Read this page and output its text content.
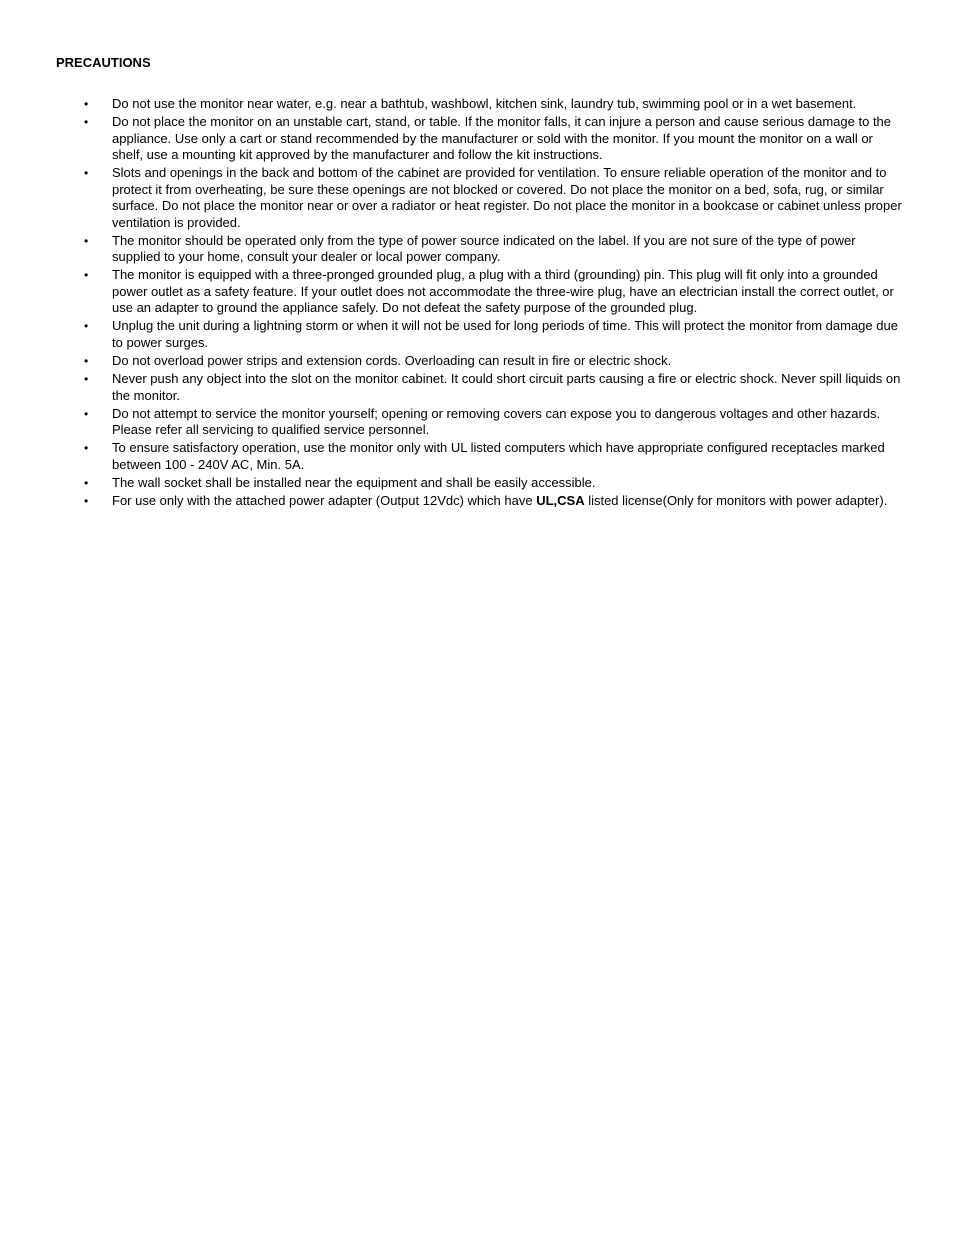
PRECAUTIONS

•	Do not use the monitor near water, e.g. near a bathtub, washbowl, kitchen sink, laundry tub, swimming pool or in a wet basement.
•	Do not place the monitor on an unstable cart, stand, or table. If the monitor falls, it can injure a person and cause serious damage to the appliance. Use only a cart or stand recommended by the manufacturer or sold with the monitor. If you mount the monitor on a wall or shelf, use a mounting kit approved by the manufacturer and follow the kit instructions.
•	Slots and openings in the back and bottom of the cabinet are provided for ventilation. To ensure reliable operation of the monitor and to protect it from overheating, be sure these openings are not blocked or covered. Do not place the monitor on a bed, sofa, rug, or similar surface. Do not place the monitor near or over a radiator or heat register. Do not place the monitor in a bookcase or cabinet unless proper ventilation is provided.
•	The monitor should be operated only from the type of power source indicated on the label. If you are not sure of the type of power supplied to your home, consult your dealer or local power company.
•	The monitor is equipped with a three-pronged grounded plug, a plug with a third (grounding) pin. This plug will fit only into a grounded power outlet as a safety feature. If your outlet does not accommodate the three-wire plug, have an electrician install the correct outlet, or use an adapter to ground the appliance safely. Do not defeat the safety purpose of the grounded plug.
•	Unplug the unit during a lightning storm or when it will not be used for long periods of time. This will protect the monitor from damage due to power surges.
•	Do not overload power strips and extension cords. Overloading can result in fire or electric shock.
•	Never push any object into the slot on the monitor cabinet. It could short circuit parts causing a fire or electric shock. Never spill liquids on the monitor.
•	Do not attempt to service the monitor yourself; opening or removing covers can expose you to dangerous voltages and other hazards. Please refer all servicing to qualified service personnel.
•	To ensure satisfactory operation, use the monitor only with UL listed computers which have appropriate configured receptacles marked between 100 - 240V AC, Min. 5A.
•	The wall socket shall be installed near the equipment and shall be easily accessible.
•	For use only with the attached power adapter (Output 12Vdc) which have UL,CSA listed license(Only for monitors with power adapter).
